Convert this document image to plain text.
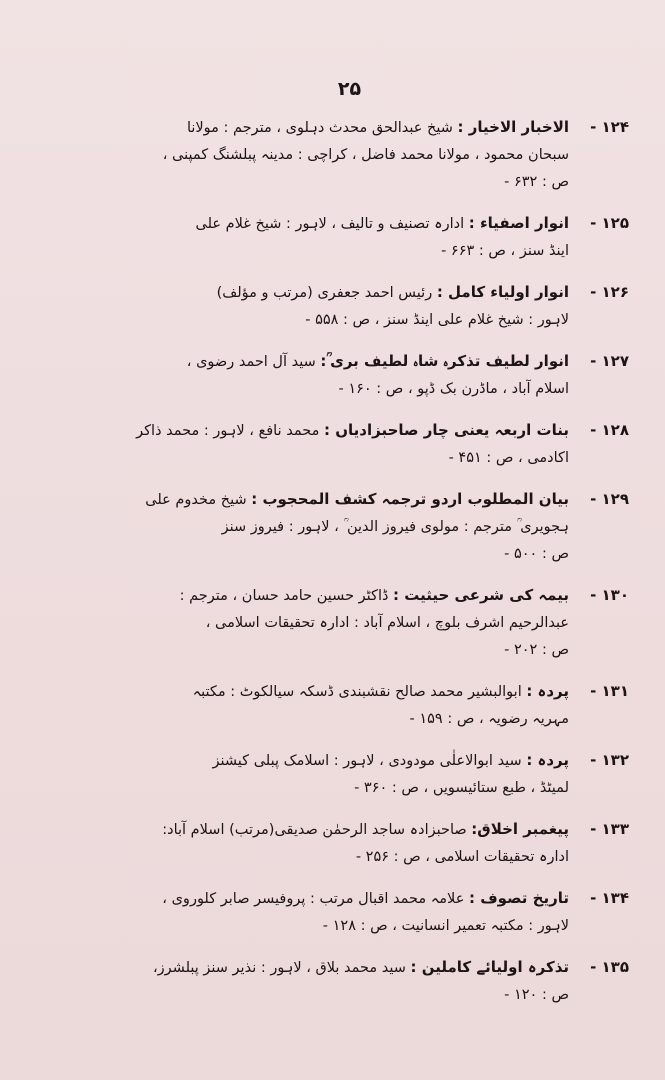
۲۵
۱۲۴ -
الاخبار الاخیار : شیخ عبدالحق محدث دہلوی ، مترجم : مولانا
سبحان محمود ، مولانا محمد فاضل ، کراچی : مدینہ پبلشنگ کمپنی ،
ص : ۶۳۲ -
۱۲۵ -
انوار اصفیاء : ادارہ تصنیف و تالیف ، لاہور : شیخ غلام علی
اینڈ سنز ، ص : ۶۶۳ -
۱۲۶ -
انوار اولیاء کامل : رئیس احمد جعفری (مرتب و مؤلف)
لاہور : شیخ غلام علی اینڈ سنز ، ص : ۵۵۸ -
۱۲۷ -
انوار لطیف تذکرہ شاہ لطیف بری ؒ: سید آل احمد رضوی ،
اسلام آباد ، ماڈرن بک ڈپو ، ص : ۱۶۰ -
۱۲۸ -
بنات اربعہ یعنی چار صاحبزادیاں : محمد نافع ، لاہور : محمد ذاکر
اکادمی ، ص : ۴۵۱ -
۱۲۹ -
بیان المطلوب اردو ترجمہ کشف المحجوب : شیخ مخدوم علی
ہجویری ؒ مترجم : مولوی فیروز الدین ؒ ، لاہور : فیروز سنز
ص : ۵۰۰ -
۱۳۰ -
بیمہ کی شرعی حیثیت : ڈاکٹر حسین حامد حسان ، مترجم :
عبدالرحیم اشرف بلوچ ، اسلام آباد : ادارہ تحقیقات اسلامی ،
ص : ۲۰۲ -
۱۳۱ -
پردہ : ابوالبشیر محمد صالح نقشبندی ڈسکہ سیالکوٹ : مکتبہ
مہریہ رضویہ ، ص : ۱۵۹ -
۱۳۲ -
پردہ : سید ابوالاعلٰی مودودی ، لاہور : اسلامک پبلی کیشنز
لمیٹڈ ، طبع ستائیسویں ، ص : ۳۶۰ -
۱۳۳ -
پیغمبر اخلاق: صاحبزادہ ساجد الرحمٰن صدیقی(مرتب) اسلام آباد:
ادارہ تحقیقات اسلامی ، ص : ۲۵۶ -
۱۳۴ -
تاریخ تصوف : علامہ محمد اقبال مرتب : پروفیسر صابر کلوروی ،
لاہور : مکتبہ تعمیر انسانیت ، ص : ۱۲۸ -
۱۳۵ -
تذکرہ اولیائے کاملین : سید محمد بلاق ، لاہور : نذیر سنز پبلشرز،
ص : ۱۲۰ -
